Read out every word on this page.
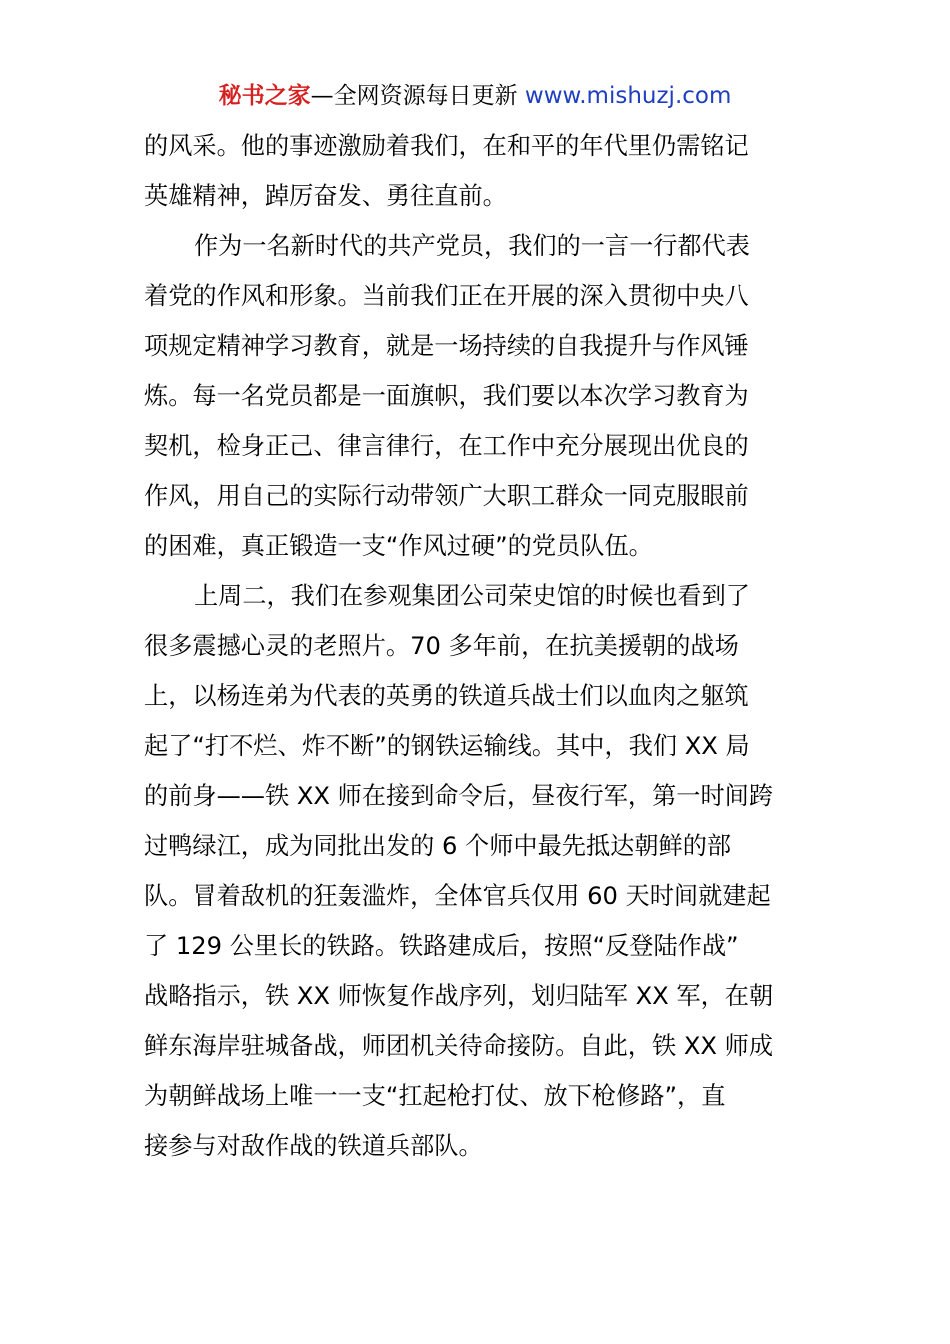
秘书之家—全网资源每日更新 www.mishuzj.com
的风采。他的事迹激励着我们，在和平的年代里仍需铭记
英雄精神，踔厉奋发、勇往直前。
作为一名新时代的共产党员，我们的一言一行都代表
着党的作风和形象。当前我们正在开展的深入贯彻中央八
项规定精神学习教育，就是一场持续的自我提升与作风锤
炼。每一名党员都是一面旗帜，我们要以本次学习教育为
契机，检身正己、律言律行，在工作中充分展现出优良的
作风，用自己的实际行动带领广大职工群众一同克服眼前
的困难，真正锻造一支“作风过硬”的党员队伍。
上周二，我们在参观集团公司荣史馆的时候也看到了
很多震撼心灵的老照片。70 多年前，在抗美援朝的战场
上，以杨连弟为代表的英勇的铁道兵战士们以血肉之躯筑
起了“打不烂、炸不断”的钢铁运输线。其中，我们 XX 局
的前身——铁 XX 师在接到命令后，昼夜行军，第一时间跨
过鸭绿江，成为同批出发的 6 个师中最先抵达朝鲜的部
队。冒着敌机的狂轰滥炸，全体官兵仅用 60 天时间就建起
了 129 公里长的铁路。铁路建成后，按照“反登陆作战”
战略指示，铁 XX 师恢复作战序列，划归陆军 XX 军，在朝
鲜东海岸驻城备战，师团机关待命接防。自此，铁 XX 师成
为朝鲜战场上唯一一支“扛起枪打仗、放下枪修路”，直
接参与对敌作战的铁道兵部队。
